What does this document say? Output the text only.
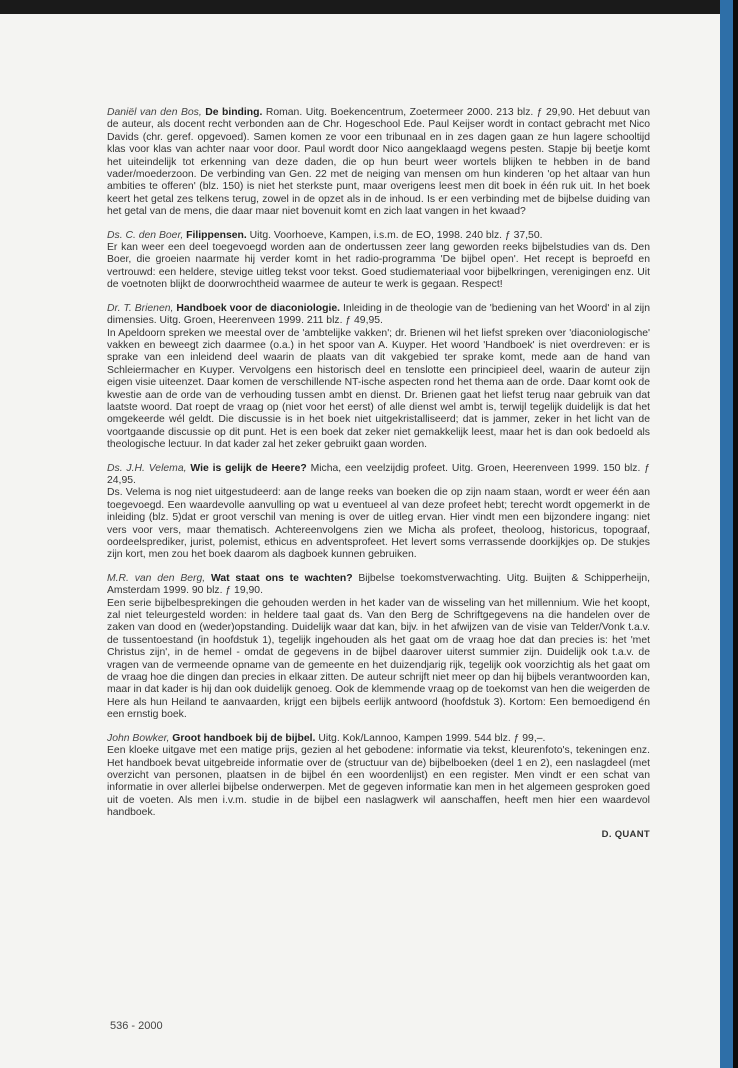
Daniël van den Bos, De binding. Roman. Uitg. Boekencentrum, Zoetermeer 2000. 213 blz. ƒ 29,90. Het debuut van de auteur, als docent recht verbonden aan de Chr. Hogeschool Ede. Paul Keijser wordt in contact gebracht met Nico Davids (chr. geref. opgevoed). Samen komen ze voor een tribunaal en in zes dagen gaan ze hun lagere schooltijd klas voor klas van achter naar voor door. Paul wordt door Nico aangeklaagd wegens pesten. Stapje bij beetje komt het uiteindelijk tot erkenning van deze daden, die op hun beurt weer wortels blijken te hebben in de band vader/moederzoon. De verbinding van Gen. 22 met de neiging van mensen om hun kinderen 'op het altaar van hun ambities te offeren' (blz. 150) is niet het sterkste punt, maar overigens leest men dit boek in één ruk uit. In het boek keert het getal zes telkens terug, zowel in de opzet als in de inhoud. Is er een verbinding met de bijbelse duiding van het getal van de mens, die daar maar niet bovenuit komt en zich laat vangen in het kwaad?

Ds. C. den Boer, Filippensen. Uitg. Voorhoeve, Kampen, i.s.m. de EO, 1998. 240 blz. ƒ 37,50.

Er kan weer een deel toegevoegd worden aan de ondertussen zeer lang geworden reeks bijbelstudies van ds. Den Boer, die groeien naarmate hij verder komt in het radio-programma 'De bijbel open'. Het recept is beproefd en vertrouwd: een heldere, stevige uitleg tekst voor tekst. Goed studiemateriaal voor bijbelkringen, verenigingen enz. Uit de voetnoten blijkt de doorwrochtheid waarmee de auteur te werk is gegaan. Respect!

Dr. T. Brienen, Handboek voor de diaconiologie. Inleiding in de theologie van de 'bediening van het Woord' in al zijn dimensies. Uitg. Groen, Heerenveen 1999. 211 blz. ƒ 49,95.

In Apeldoorn spreken we meestal over de 'ambtelijke vakken'; dr. Brienen wil het liefst spreken over 'diaconiologische' vakken en beweegt zich daarmee (o.a.) in het spoor van A. Kuyper. Het woord 'Handboek' is niet overdreven: er is sprake van een inleidend deel waarin de plaats van dit vakgebied ter sprake komt, mede aan de hand van Schleiermacher en Kuyper. Vervolgens een historisch deel en tenslotte een principieel deel, waarin de auteur zijn eigen visie uiteenzet. Daar komen de verschillende NT-ische aspecten rond het thema aan de orde. Daar komt ook de kwestie aan de orde van de verhouding tussen ambt en dienst. Dr. Brienen gaat het liefst terug naar gebruik van dat laatste woord. Dat roept de vraag op (niet voor het eerst) of alle dienst wel ambt is, terwijl tegelijk duidelijk is dat het omgekeerde wél geldt. Die discussie is in het boek niet uitgekristalliseerd; dat is jammer, zeker in het licht van de voortgaande discussie op dit punt. Het is een boek dat zeker niet gemakkelijk leest, maar het is dan ook bedoeld als theologische lectuur. In dat kader zal het zeker gebruikt gaan worden.

Ds. J.H. Velema, Wie is gelijk de Heere? Micha, een veelzijdig profeet. Uitg. Groen, Heerenveen 1999. 150 blz. ƒ 24,95.

Ds. Velema is nog niet uitgestudeerd: aan de lange reeks van boeken die op zijn naam staan, wordt er weer één aan toegevoegd. Een waardevolle aanvulling op wat u eventueel al van deze profeet hebt; terecht wordt opgemerkt in de inleiding (blz. 5)dat er groot verschil van mening is over de uitleg ervan. Hier vindt men een bijzondere ingang: niet vers voor vers, maar thematisch. Achtereenvolgens zien we Micha als profeet, theoloog, historicus, topograaf, oordeelsprediker, jurist, polemist, ethicus en adventsprofeet. Het levert soms verrassende doorkijkjes op. De stukjes zijn kort, men zou het boek daarom als dagboek kunnen gebruiken.

M.R. van den Berg, Wat staat ons te wachten? Bijbelse toekomstverwachting. Uitg. Buijten & Schipperheijn, Amsterdam 1999. 90 blz. ƒ 19,90.

Een serie bijbelbesprekingen die gehouden werden in het kader van de wisseling van het millennium. Wie het koopt, zal niet teleurgesteld worden: in heldere taal gaat ds. Van den Berg de Schriftgegevens na die handelen over de zaken van dood en (weder)opstanding. Duidelijk waar dat kan, bijv. in het afwijzen van de visie van Telder/Vonk t.a.v. de tussentoestand (in hoofdstuk 1), tegelijk ingehouden als het gaat om de vraag hoe dat dan precies is: het 'met Christus zijn', in de hemel - omdat de gegevens in de bijbel daarover uiterst summier zijn. Duidelijk ook t.a.v. de vragen van de vermeende opname van de gemeente en het duizendjarig rijk, tegelijk ook voorzichtig als het gaat om de vraag hoe die dingen dan precies in elkaar zitten. De auteur schrijft niet meer op dan hij bijbels verantwoorden kan, maar in dat kader is hij dan ook duidelijk genoeg. Ook de klemmende vraag op de toekomst van hen die weigerden de Here als hun Heiland te aanvaarden, krijgt een bijbels eerlijk antwoord (hoofdstuk 3). Kortom: Een bemoedigend én een ernstig boek.

John Bowker, Groot handboek bij de bijbel. Uitg. Kok/Lannoo, Kampen 1999. 544 blz. ƒ 99,–.

Een kloeke uitgave met een matige prijs, gezien al het gebodene: informatie via tekst, kleurenfoto's, tekeningen enz. Het handboek bevat uitgebreide informatie over de (structuur van de) bijbelboeken (deel 1 en 2), een naslagdeel (met overzicht van personen, plaatsen in de bijbel én een woordenlijst) en een register. Men vindt er een schat van informatie in over allerlei bijbelse onderwerpen. Met de gegeven informatie kan men in het algemeen gesproken goed uit de voeten. Als men i.v.m. studie in de bijbel een naslagwerk wil aanschaffen, heeft men hier een waardevol handboek.

D. QUANT
536 - 2000
